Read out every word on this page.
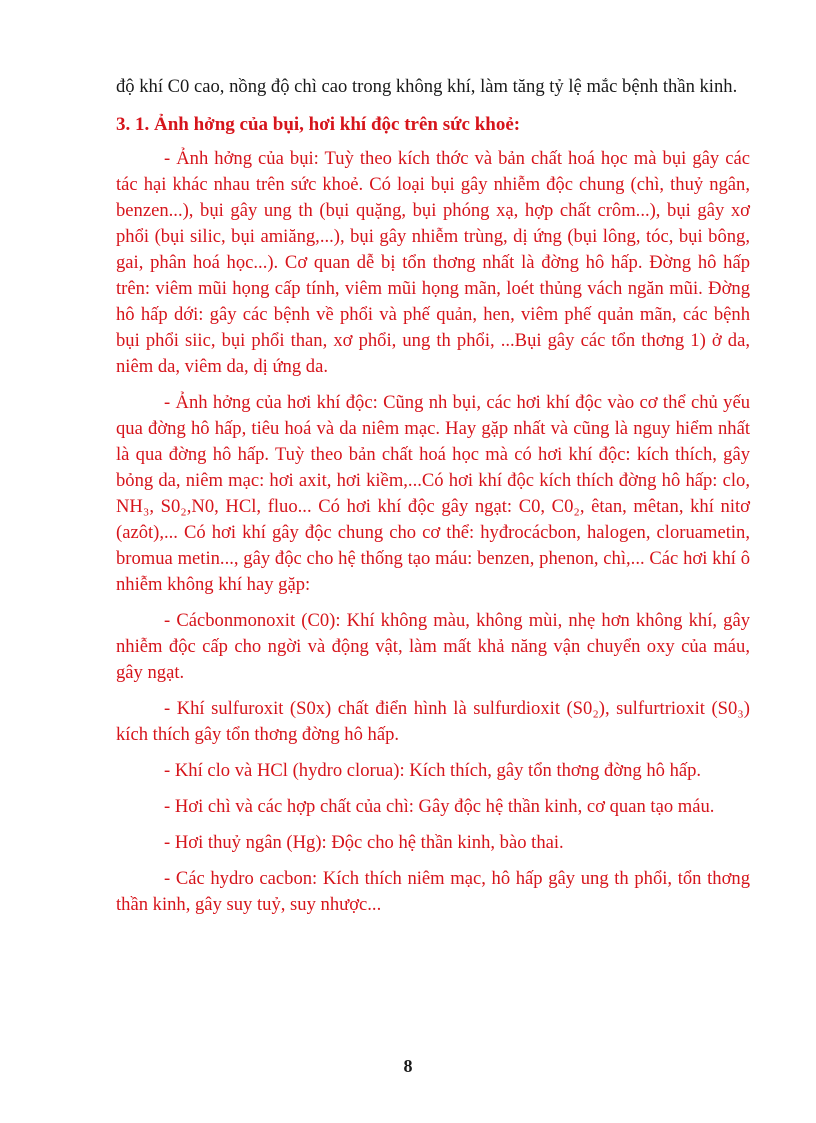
độ khí C0 cao, nồng độ chì cao trong không khí, làm tăng tỷ lệ mắc bệnh thần kinh.

3. 1. Ảnh hởng của bụi, hơi khí độc trên sức khoẻ:

- Ảnh hởng của bụi: Tuỳ theo kích thớc và bản chất hoá học mà bụi gây các tác hại khác nhau trên sức khoẻ. Có loại bụi gây nhiễm độc chung (chì, thuỷ ngân, benzen...), bụi gây ung th (bụi quặng, bụi phóng xạ, hợp chất crôm...), bụi gây xơ phổi (bụi silic, bụi amiăng,...), bụi gây nhiễm trùng, dị ứng (bụi lông, tóc, bụi bông, gai, phân hoá học...). Cơ quan dễ bị tổn thơng nhất là đờng hô hấp. Đờng hô hấp trên: viêm mũi họng cấp tính, viêm mũi họng mãn, loét thủng vách ngăn mũi. Đờng hô hấp dới: gây các bệnh về phổi và phế quản, hen, viêm phế quản mãn, các bệnh bụi phổi siic, bụi phổi than, xơ phổi, ung th phổi, ...Bụi gây các tổn thơng 1) ở da, niêm da, viêm da, dị ứng da.

- Ảnh hởng của hơi khí độc: Cũng nh bụi, các hơi khí độc vào cơ thể chủ yếu qua đờng hô hấp, tiêu hoá và da niêm mạc. Hay gặp nhất và cũng là nguy hiểm nhất là qua đờng hô hấp. Tuỳ theo bản chất hoá học mà có hơi khí độc: kích thích, gây bỏng da, niêm mạc: hơi axit, hơi kiềm,...Có hơi khí độc kích thích đờng hô hấp: clo, NH₃, S0₂,N0, HCl, fluo... Có hơi khí độc gây ngạt: C0, C0₂, êtan, mêtan, khí nitơ (azôt),... Có hơi khí gây độc chung cho cơ thể: hyđrocácbon, halogen, cloruametin, bromua metin..., gây độc cho hệ thống tạo máu: benzen, phenon, chì,... Các hơi khí ô nhiễm không khí hay gặp:

- Cácbonmonoxit (C0): Khí không màu, không mùi, nhẹ hơn không khí, gây nhiễm độc cấp cho ngời và động vật, làm mất khả năng vận chuyển oxy của máu, gây ngạt.

- Khí sulfuroxit (S0x) chất điển hình là sulfurdioxit (S0₂), sulfurtrioxit (S0₃) kích thích gây tổn thơng đờng hô hấp.

- Khí clo và HCl (hydro clorua): Kích thích, gây tổn thơng đờng hô hấp.

- Hơi chì và các hợp chất của chì: Gây độc hệ thần kinh, cơ quan tạo máu.

- Hơi thuỷ ngân (Hg): Độc cho hệ thần kinh, bào thai.

- Các hydro cacbon: Kích thích niêm mạc, hô hấp gây ung th phổi, tổn thơng thần kinh, gây suy tuỷ, suy nhược...

8
